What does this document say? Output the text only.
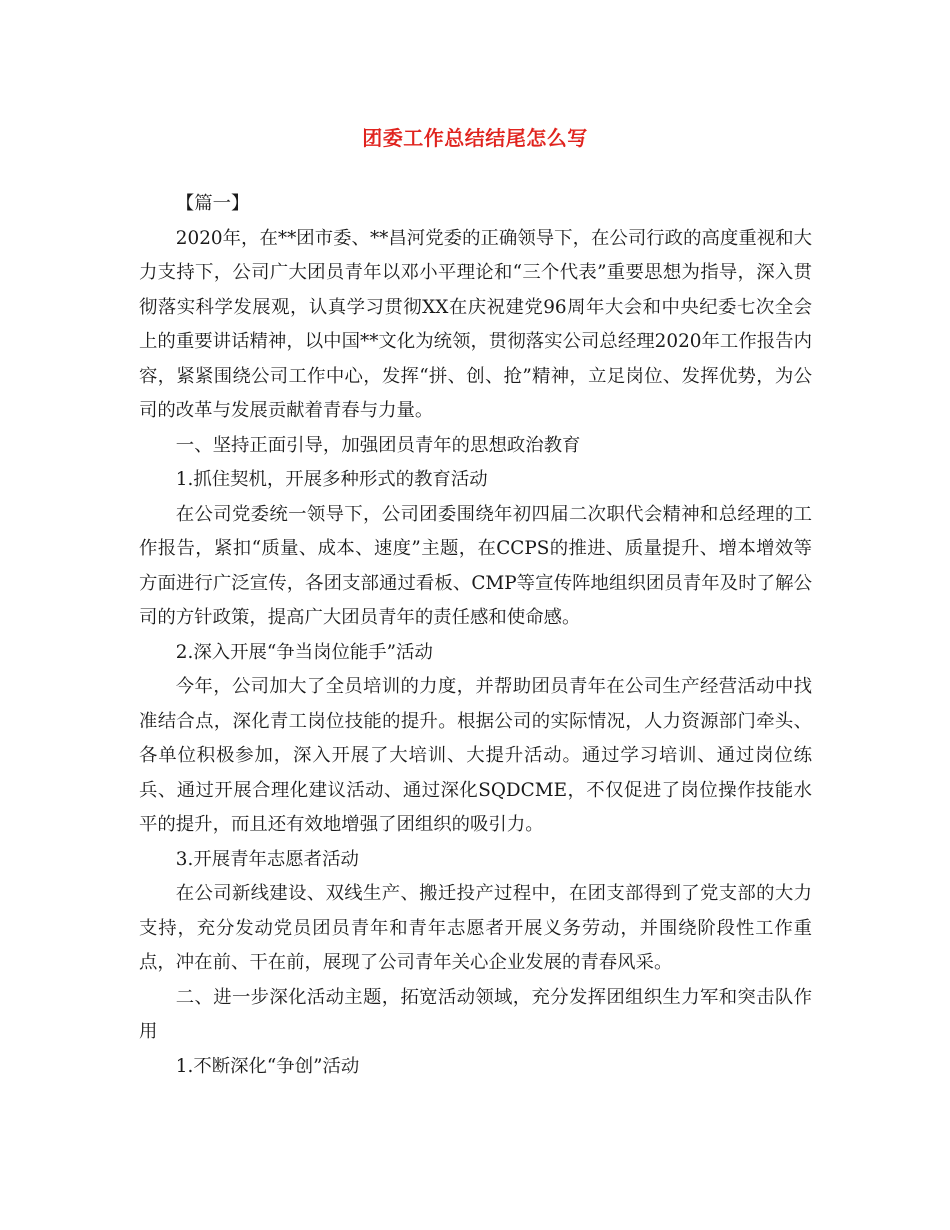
团委工作总结结尾怎么写

【篇一】

2020年，在**团市委、**昌河党委的正确领导下，在公司行政的高度重视和大力支持下，公司广大团员青年以邓小平理论和“三个代表”重要思想为指导，深入贯彻落实科学发展观，认真学习贯彻XX在庆祝建党96周年大会和中央纪委七次全会上的重要讲话精神，以中国**文化为统领，贯彻落实公司总经理2020年工作报告内容，紧紧围绕公司工作中心，发挥“拼、创、抢”精神，立足岗位、发挥优势，为公司的改革与发展贡献着青春与力量。

一、坚持正面引导，加强团员青年的思想政治教育

1.抓住契机，开展多种形式的教育活动

在公司党委统一领导下，公司团委围绕年初四届二次职代会精神和总经理的工作报告，紧扣“质量、成本、速度”主题，在CCPS的推进、质量提升、增本增效等方面进行广泛宣传，各团支部通过看板、CMP等宣传阵地组织团员青年及时了解公司的方针政策，提高广大团员青年的责任感和使命感。

2.深入开展“争当岗位能手”活动

今年，公司加大了全员培训的力度，并帮助团员青年在公司生产经营活动中找准结合点，深化青工岗位技能的提升。根据公司的实际情况，人力资源部门牵头、各单位积极参加，深入开展了大培训、大提升活动。通过学习培训、通过岗位练兵、通过开展合理化建议活动、通过深化SQDCME，不仅促进了岗位操作技能水平的提升，而且还有效地增强了团组织的吸引力。

3.开展青年志愿者活动

在公司新线建设、双线生产、搬迁投产过程中，在团支部得到了党支部的大力支持，充分发动党员团员青年和青年志愿者开展义务劳动，并围绕阶段性工作重点，冲在前、干在前，展现了公司青年关心企业发展的青春风采。

二、进一步深化活动主题，拓宽活动领域，充分发挥团组织生力军和突击队作用

1.不断深化“争创”活动
